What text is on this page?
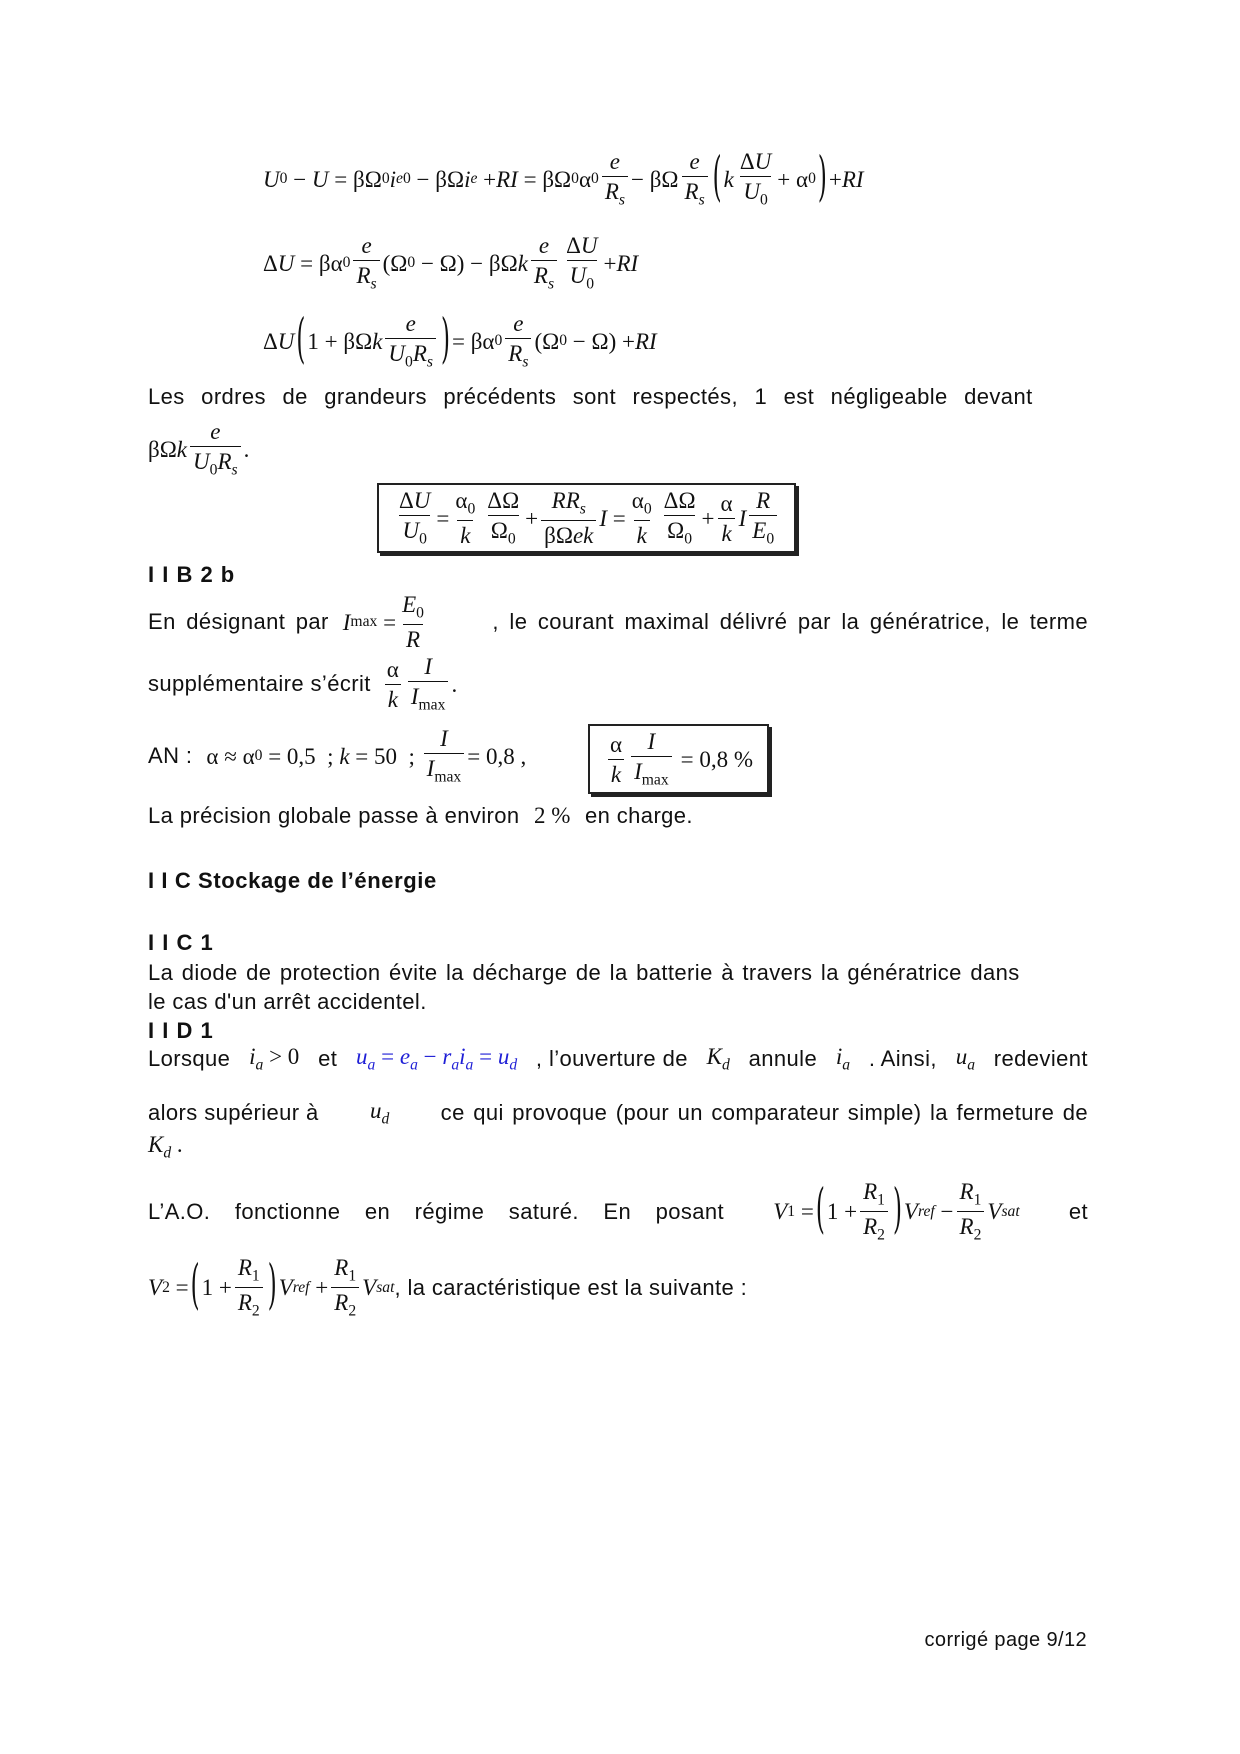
U 0 − U = βΩ 0 i e0 − βΩ i e + RI = βΩ 0 α $0 \frac{e}{R_s} - \beta\Omega \frac{e}{R_s}$ ( k $\frac{\Delta U}{U_0} + \alpha$ 0 ) + RI
Δ U = βα $0 \frac{e}{R_s} (\Omega$ 0 − Ω) − βΩ k $\frac{e}{R_s} \frac{\Delta U}{U_0}$ + RI
Δ U ( 1 + βΩ k $\frac{e}{U_0R_s}$ ) = βα $0 \frac{e}{R_s} (\Omega$ 0 − Ω) + RI
Les ordres de grandeurs précédents sont respectés, 1 est négligeable devant
βΩ k $\frac{e}{U_0R_s}$ .
$\frac{\Delta U}{U_0} = \frac{\alpha_0}{k} \frac{\Delta\Omega}{\Omega_0} + \frac{RR_s}{\text{βΩek}}$ $I = \frac{\alpha_0}{k} \frac{\Delta\Omega}{\Omega_0} + \frac{\alpha}{k}$ I $\frac{R}{E_0}$
I I B 2 b
En désignant par I $\max = \frac{E_0}{R}$	, le courant maximal délivré par la génératrice, le terme
supplémentaire s’écrit $\frac{\alpha}{k} \frac{I}{I_{max}}$ .
AN : α ≈ α 0 = 0,5  ; k = 50  ; $\frac{I}{I_{max}} = 0,8$ ,	$\frac{\alpha}{k} \frac{I}{I_{max}} = 0,8$ %
La précision globale passe à environ 2 % en charge.
I I C Stockage de l’énergie
I I C 1
La diode de protection évite la décharge de la batterie à travers la génératrice dans
le cas d'un arrêt accidentel.
I I D 1
Lorsque $i_a > 0$ et $u_a = e_a - r_ai_a = u_d$ , l’ouverture de $K_d$ annule $i_a$ . Ainsi, $u_a$ redevient
alors supérieur à $u_d$ ce qui provoque (pour un comparateur simple) la fermeture de
$K_d$ .
L’A.O. fonctionne en régime saturé. En posant V 1 = ( $1 + \frac{R_1}{R_2}$ ) V ref − $\frac{R_1}{R_2}$ V sat et
V 2 = ( $1 + \frac{R_1}{R_2}$ ) V ref + $\frac{R_1}{R_2}$ V sat , la caractéristique est la suivante :
corrigé page 9/12
